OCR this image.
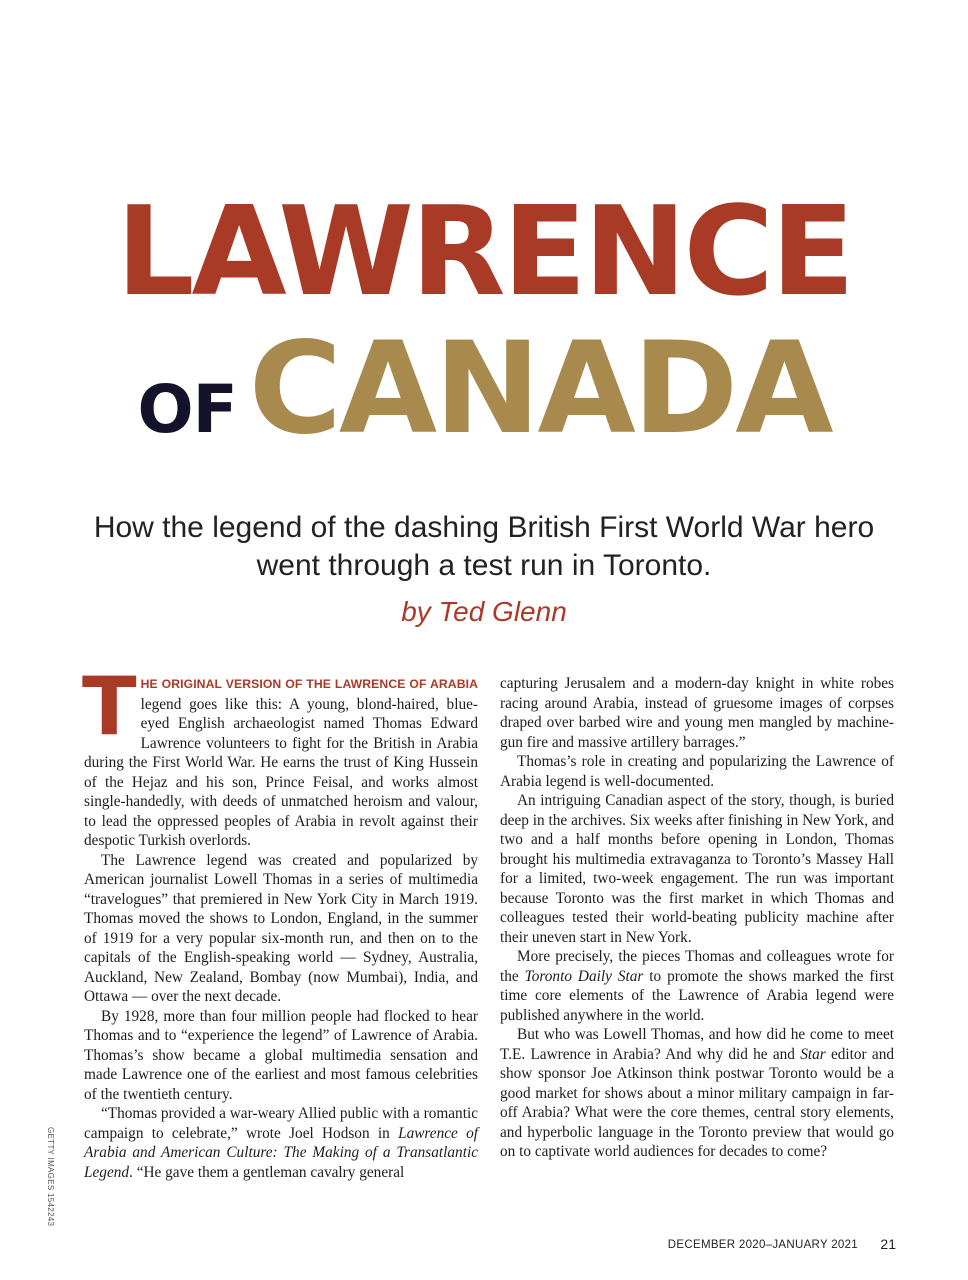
LAWRENCE
OFCANADA
How the legend of the dashing British First World War hero went through a test run in Toronto.
by Ted Glenn

THE ORIGINAL VERSION OF THE LAWRENCE OF ARABIA legend goes like this: A young, blond-haired, blue-eyed English archaeologist named Thomas Edward Lawrence volunteers to fight for the British in Arabia during the First World War. He earns the trust of King Hussein of the Hejaz and his son, Prince Feisal, and works almost single-handedly, with deeds of unmatched heroism and valour, to lead the oppressed peoples of Arabia in revolt against their despotic Turkish overlords.

The Lawrence legend was created and popularized by American journalist Lowell Thomas in a series of multimedia “travelogues” that premiered in New York City in March 1919. Thomas moved the shows to London, England, in the summer of 1919 for a very popular six-month run, and then on to the capitals of the English-speaking world — Sydney, Australia, Auckland, New Zealand, Bombay (now Mumbai), India, and Ottawa — over the next decade.

By 1928, more than four million people had flocked to hear Thomas and to “experience the legend” of Lawrence of Arabia. Thomas’s show became a global multimedia sensation and made Lawrence one of the earliest and most famous celebrities of the twentieth century.

“Thomas provided a war-weary Allied public with a romantic campaign to celebrate,” wrote Joel Hodson in Lawrence of Arabia and American Culture: The Making of a Transatlantic Legend. “He gave them a gentleman cavalry general

capturing Jerusalem and a modern-day knight in white robes racing around Arabia, instead of gruesome images of corpses draped over barbed wire and young men mangled by machine-gun fire and massive artillery barrages.”

Thomas’s role in creating and popularizing the Lawrence of Arabia legend is well-documented.

An intriguing Canadian aspect of the story, though, is buried deep in the archives. Six weeks after finishing in New York, and two and a half months before opening in London, Thomas brought his multimedia extravaganza to Toronto’s Massey Hall for a limited, two-week engagement. The run was important because Toronto was the first market in which Thomas and colleagues tested their world-beating publicity machine after their uneven start in New York.

More precisely, the pieces Thomas and colleagues wrote for the Toronto Daily Star to promote the shows marked the first time core elements of the Lawrence of Arabia legend were published anywhere in the world.

But who was Lowell Thomas, and how did he come to meet T.E. Lawrence in Arabia? And why did he and Star editor and show sponsor Joe Atkinson think postwar Toronto would be a good market for shows about a minor military campaign in far-off Arabia? What were the core themes, central story elements, and hyperbolic language in the Toronto preview that would go on to captivate world audiences for decades to come?

GETTY IMAGES 1542243
DECEMBER 2020–JANUARY 2021 21
